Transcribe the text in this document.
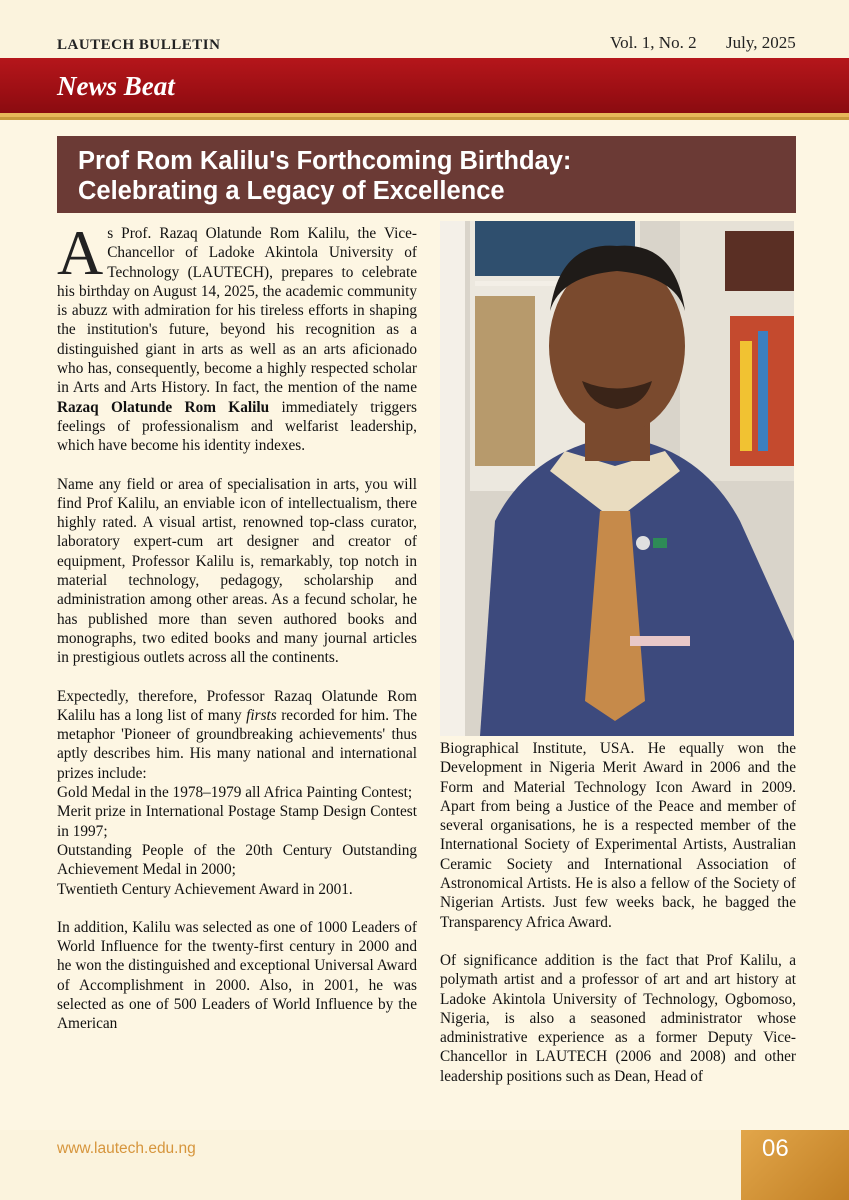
LAUTECH BULLETIN	Vol. 1, No. 2 July, 2025
News Beat
Prof Rom Kalilu's Forthcoming Birthday:
Celebrating a Legacy of Excellence

As Prof. Razaq Olatunde Rom Kalilu, the Vice-Chancellor of Ladoke Akintola University of Technology (LAUTECH), prepares to celebrate his birthday on August 14, 2025, the academic community is abuzz with admiration for his tireless efforts in shaping the institution's future, beyond his recognition as a distinguished giant in arts as well as an arts aficionado who has, consequently, become a highly respected scholar in Arts and Arts History. In fact, the mention of the name Razaq Olatunde Rom Kalilu immediately triggers feelings of professionalism and welfarist leadership, which have become his identity indexes.

Name any field or area of specialisation in arts, you will find Prof Kalilu, an enviable icon of intellectualism, there highly rated. A visual artist, renowned top-class curator, laboratory expert-cum art designer and creator of equipment, Professor Kalilu is, remarkably, top notch in material technology, pedagogy, scholarship and administration among other areas. As a fecund scholar, he has published more than seven authored books and monographs, two edited books and many journal articles in prestigious outlets across all the continents.

Expectedly, therefore, Professor Razaq Olatunde Rom Kalilu has a long list of many firsts recorded for him. The metaphor 'Pioneer of groundbreaking achievements' thus aptly describes him. His many national and international prizes include:

Gold Medal in the 1978–1979 all Africa Painting Contest;

Merit prize in International Postage Stamp Design Contest in 1997;

Outstanding People of the 20th Century Outstanding Achievement Medal in 2000;

Twentieth Century Achievement Award in 2001.

In addition, Kalilu was selected as one of 1000 Leaders of World Influence for the twenty-first century in 2000 and he won the distinguished and exceptional Universal Award of Accomplishment in 2000. Also, in 2001, he was selected as one of 500 Leaders of World Influence by the American

Biographical Institute, USA. He equally won the Development in Nigeria Merit Award in 2006 and the Form and Material Technology Icon Award in 2009. Apart from being a Justice of the Peace and member of several organisations, he is a respected member of the International Society of Experimental Artists, Australian Ceramic Society and International Association of Astronomical Artists. He is also a fellow of the Society of Nigerian Artists. Just few weeks back, he bagged the Transparency Africa Award.

Of significance addition is the fact that Prof Kalilu, a polymath artist and a professor of art and art history at Ladoke Akintola University of Technology, Ogbomoso, Nigeria, is also a seasoned administrator whose administrative experience as a former Deputy Vice-Chancellor in LAUTECH (2006 and 2008) and other leadership positions such as Dean, Head of

www.lautech.edu.ng	06
